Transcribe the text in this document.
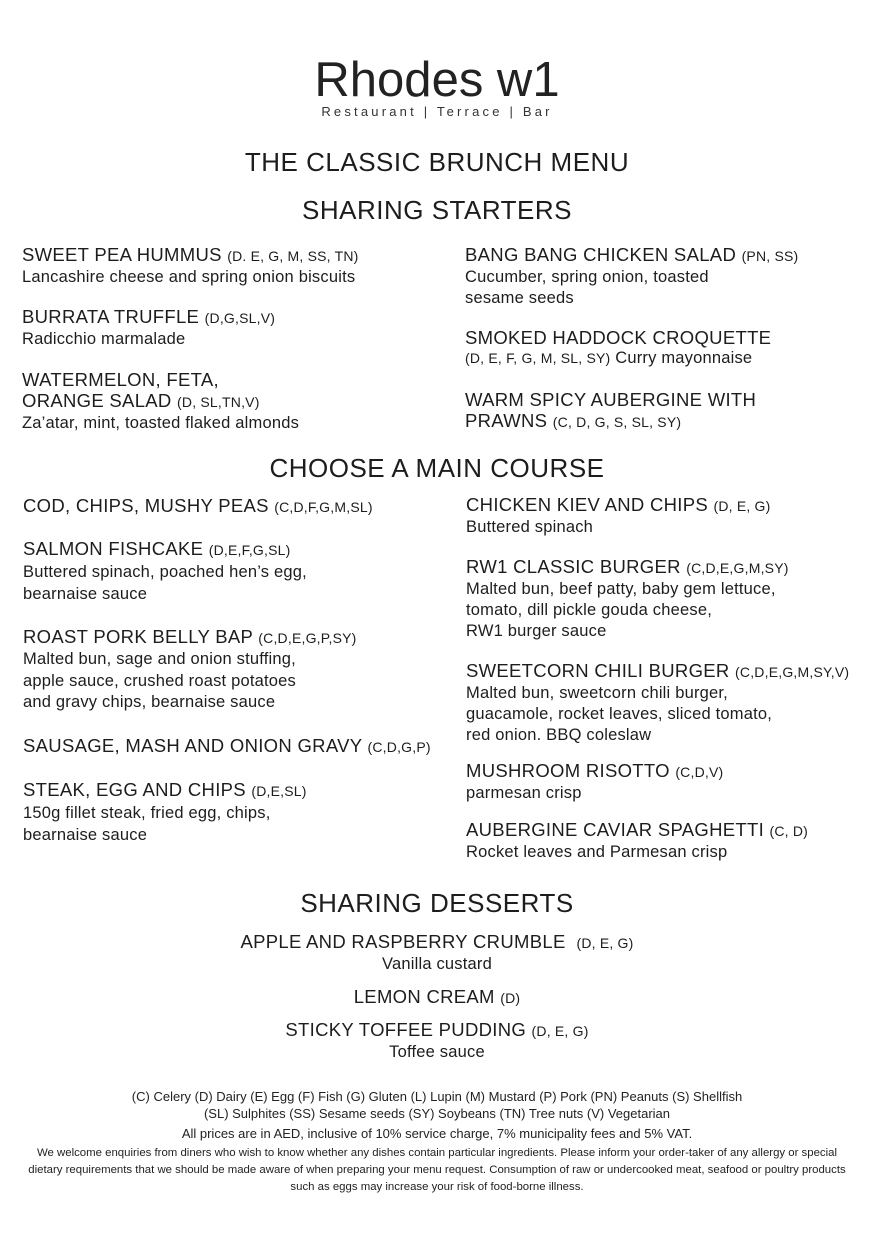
Rhodes w1
Restaurant | Terrace | Bar
THE CLASSIC BRUNCH MENU
SHARING STARTERS
SWEET PEA HUMMUS (D. E, G, M, SS, TN)
Lancashire cheese and spring onion biscuits
BURRATA TRUFFLE (D,G,SL,V)
Radicchio marmalade
WATERMELON, FETA,
ORANGE SALAD (D, SL,TN,V)
Za’atar, mint, toasted flaked almonds
BANG BANG CHICKEN SALAD (PN, SS)
Cucumber, spring onion, toasted
sesame seeds
SMOKED HADDOCK CROQUETTE
(D, E, F, G, M, SL, SY) Curry mayonnaise
WARM SPICY AUBERGINE WITH
PRAWNS (C, D, G, S, SL, SY)
CHOOSE A MAIN COURSE
COD, CHIPS, MUSHY PEAS (C,D,F,G,M,SL)
SALMON FISHCAKE (D,E,F,G,SL)
Buttered spinach, poached hen’s egg,
bearnaise sauce
ROAST PORK BELLY BAP (C,D,E,G,P,SY)
Malted bun, sage and onion stuffing,
apple sauce, crushed roast potatoes
and gravy chips, bearnaise sauce
SAUSAGE, MASH AND ONION GRAVY (C,D,G,P)
STEAK, EGG AND CHIPS (D,E,SL)
150g fillet steak, fried egg, chips,
bearnaise sauce
CHICKEN KIEV AND CHIPS (D, E, G)
Buttered spinach
RW1 CLASSIC BURGER (C,D,E,G,M,SY)
Malted bun, beef patty, baby gem lettuce,
tomato, dill pickle gouda cheese,
RW1 burger sauce
SWEETCORN CHILI BURGER (C,D,E,G,M,SY,V)
Malted bun, sweetcorn chili burger,
guacamole, rocket leaves, sliced tomato,
red onion. BBQ coleslaw
MUSHROOM RISOTTO (C,D,V)
parmesan crisp
AUBERGINE CAVIAR SPAGHETTI (C, D)
Rocket leaves and Parmesan crisp
SHARING DESSERTS
APPLE AND RASPBERRY CRUMBLE (D, E, G)
Vanilla custard
LEMON CREAM (D)
STICKY TOFFEE PUDDING (D, E, G)
Toffee sauce
(C) Celery (D) Dairy (E) Egg (F) Fish (G) Gluten (L) Lupin (M) Mustard (P) Pork (PN) Peanuts (S) Shellfish
(SL) Sulphites (SS) Sesame seeds (SY) Soybeans (TN) Tree nuts (V) Vegetarian
All prices are in AED, inclusive of 10% service charge, 7% municipality fees and 5% VAT.
We welcome enquiries from diners who wish to know whether any dishes contain particular ingredients. Please inform your order-taker of any allergy or special dietary requirements that we should be made aware of when preparing your menu request. Consumption of raw or undercooked meat, seafood or poultry products such as eggs may increase your risk of food-borne illness.
